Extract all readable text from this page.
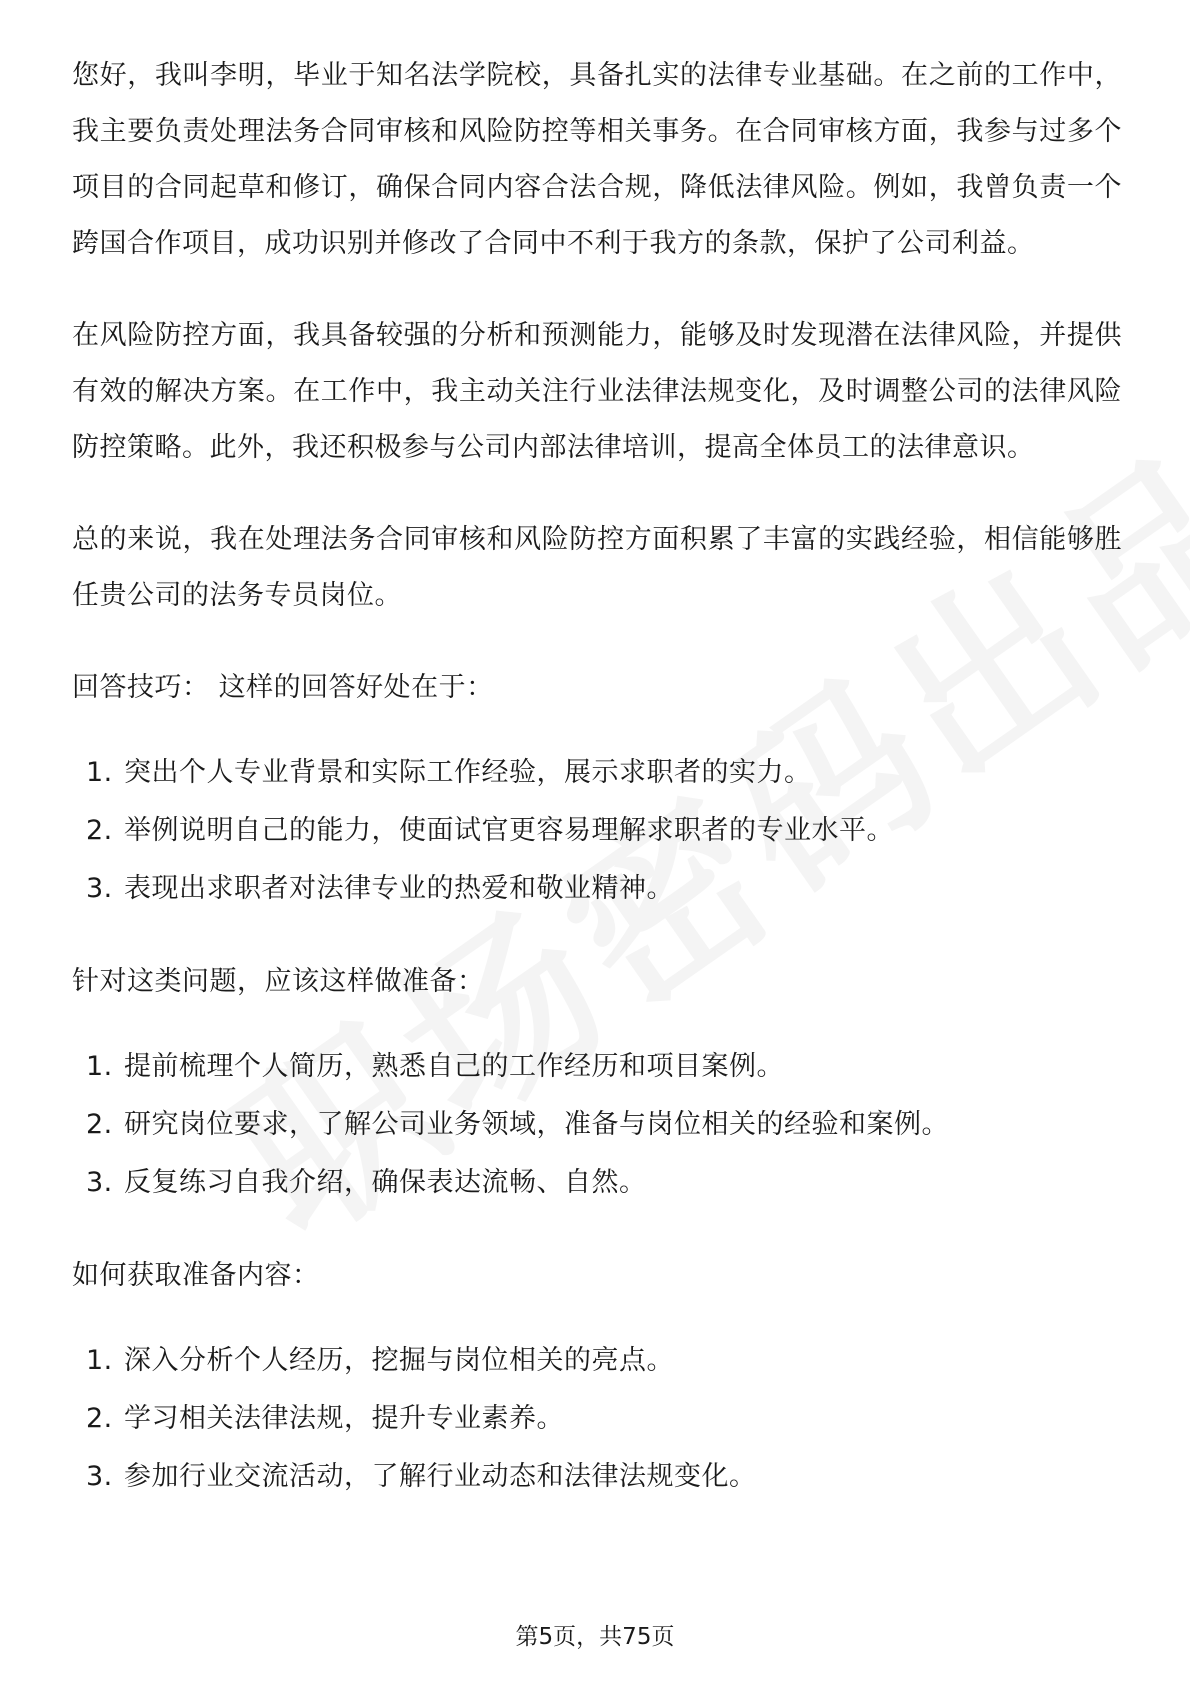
您好，我叫李明，毕业于知名法学院校，具备扎实的法律专业基础。在之前的工作中，我主要负责处理法务合同审核和风险防控等相关事务。在合同审核方面，我参与过多个项目的合同起草和修订，确保合同内容合法合规，降低法律风险。例如，我曾负责一个跨国合作项目，成功识别并修改了合同中不利于我方的条款，保护了公司利益。

在风险防控方面，我具备较强的分析和预测能力，能够及时发现潜在法律风险，并提供有效的解决方案。在工作中，我主动关注行业法律法规变化，及时调整公司的法律风险防控策略。此外，我还积极参与公司内部法律培训，提高全体员工的法律意识。

总的来说，我在处理法务合同审核和风险防控方面积累了丰富的实践经验，相信能够胜任贵公司的法务专员岗位。

回答技巧： 这样的回答好处在于：

1. 突出个人专业背景和实际工作经验，展示求职者的实力。
2. 举例说明自己的能力，使面试官更容易理解求职者的专业水平。
3. 表现出求职者对法律专业的热爱和敬业精神。

针对这类问题，应该这样做准备：

1. 提前梳理个人简历，熟悉自己的工作经历和项目案例。
2. 研究岗位要求，了解公司业务领域，准备与岗位相关的经验和案例。
3. 反复练习自我介绍，确保表达流畅、自然。

如何获取准备内容：

1. 深入分析个人经历，挖掘与岗位相关的亮点。
2. 学习相关法律法规，提升专业素养。
3. 参加行业交流活动，了解行业动态和法律法规变化。
第5页，共75页
